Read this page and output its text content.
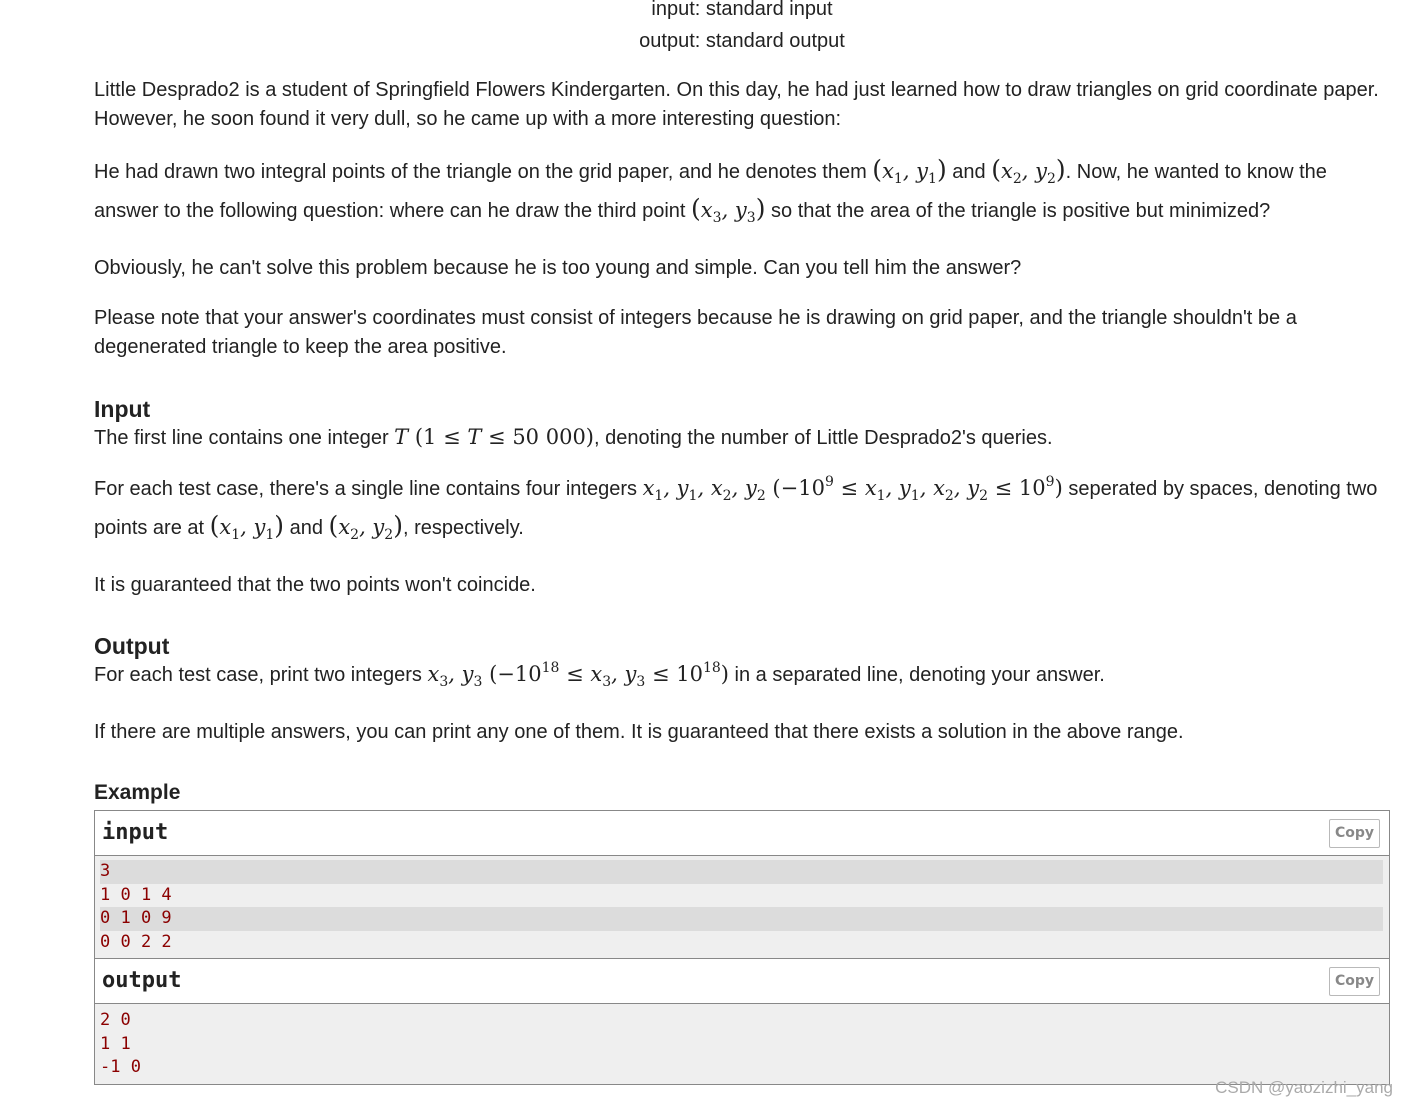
input: standard input
output: standard output

Little Desprado2 is a student of Springfield Flowers Kindergarten. On this day, he had just learned how to draw triangles on grid coordinate paper. However, he soon found it very dull, so he came up with a more interesting question:

He had drawn two integral points of the triangle on the grid paper, and he denotes them ($x_1$, $y_1$) and ($x_2$, $y_2$). Now, he wanted to know the answer to the following question: where can he draw the third point ($x_3$, $y_3$) so that the area of the triangle is positive but minimized?

Obviously, he can't solve this problem because he is too young and simple. Can you tell him the answer?

Please note that your answer's coordinates must consist of integers because he is drawing on grid paper, and the triangle shouldn't be a degenerated triangle to keep the area positive.

Input

The first line contains one integer T (1 ≤ T ≤ 50 000), denoting the number of Little Desprado2's queries.

For each test case, there's a single line contains four integers $x_1$, $y_1$, $x_2$, $y_2$ ($-10^9 \le x_1$, $y_1$, $x_2$, $y_2 \le 10^9$) seperated by spaces, denoting two points are at ($x_1$, $y_1$) and ($x_2$, $y_2$), respectively.

It is guaranteed that the two points won't coincide.

Output

For each test case, print two integers $x_3$, $y_3$ ($-10^{18} \le x_3$, $y_3 \le 10^{18}$) in a separated line, denoting your answer.

If there are multiple answers, you can print any one of them. It is guaranteed that there exists a solution in the above range.

Example
input	Copy
3
1 0 1 4
0 1 0 9
0 0 2 2
output	Copy
2 0
1 1
-1 0
CSDN @yaozizhi_yang
